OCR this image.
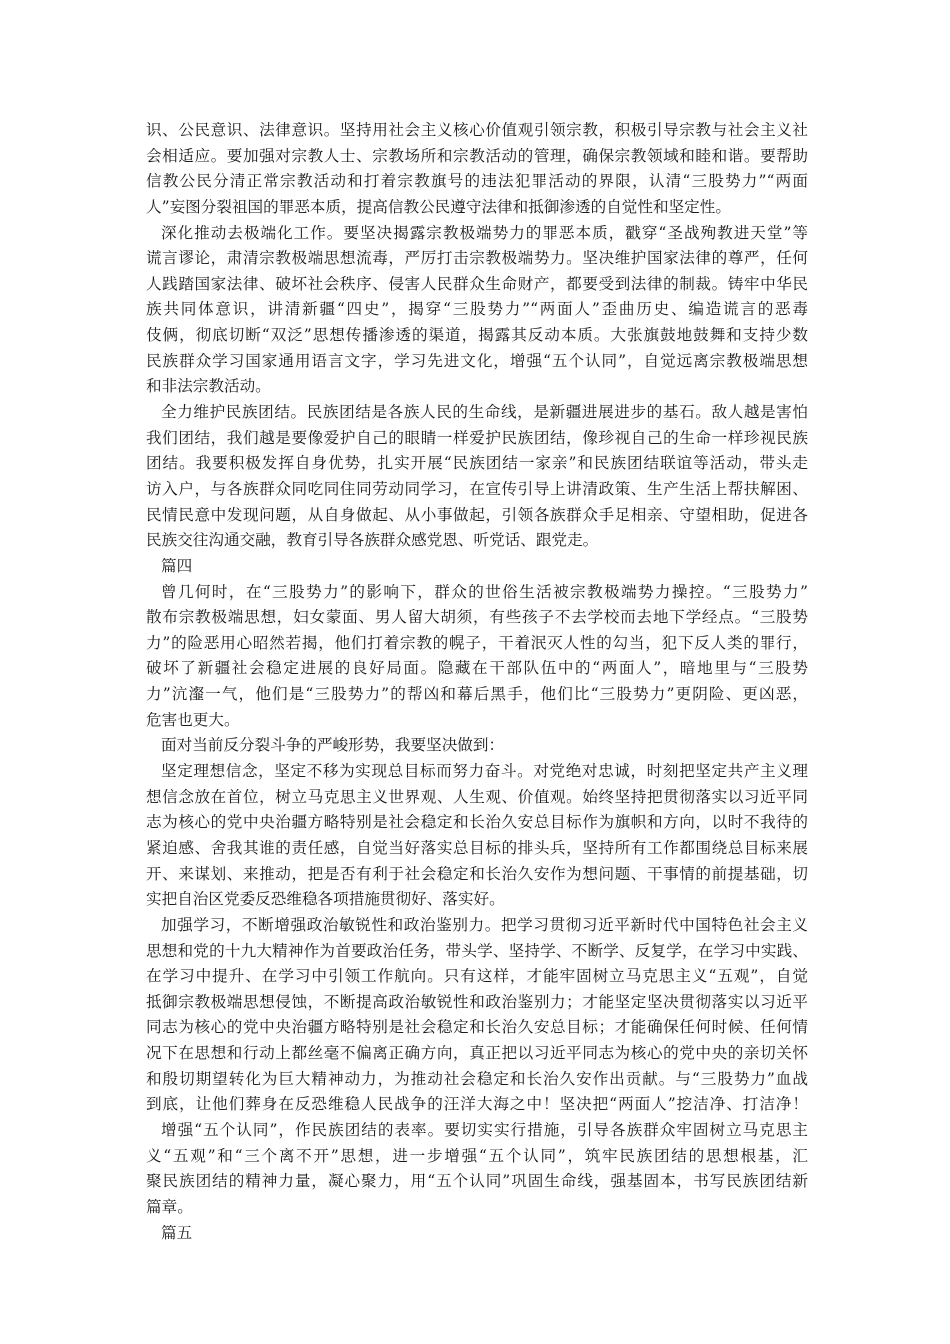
识、公民意识、法律意识。坚持用社会主义核心价值观引领宗教，积极引导宗教与社会主义社
会相适应。要加强对宗教人士、宗教场所和宗教活动的管理，确保宗教领域和睦和谐。要帮助
信教公民分清正常宗教活动和打着宗教旗号的违法犯罪活动的界限，认清“三股势力”“两面
人”妄图分裂祖国的罪恶本质，提高信教公民遵守法律和抵御渗透的自觉性和坚定性。
深化推动去极端化工作。要坚决揭露宗教极端势力的罪恶本质，戳穿“圣战殉教进天堂”等
谎言谬论，肃清宗教极端思想流毒，严厉打击宗教极端势力。坚决维护国家法律的尊严，任何
人践踏国家法律、破坏社会秩序、侵害人民群众生命财产，都要受到法律的制裁。铸牢中华民
族共同体意识，讲清新疆“四史”，揭穿“三股势力”“两面人”歪曲历史、编造谎言的恶毒
伎俩，彻底切断“双泛”思想传播渗透的渠道，揭露其反动本质。大张旗鼓地鼓舞和支持少数
民族群众学习国家通用语言文字，学习先进文化，增强“五个认同”，自觉远离宗教极端思想
和非法宗教活动。
全力维护民族团结。民族团结是各族人民的生命线，是新疆进展进步的基石。敌人越是害怕
我们团结，我们越是要像爱护自己的眼睛一样爱护民族团结，像珍视自己的生命一样珍视民族
团结。我要积极发挥自身优势，扎实开展“民族团结一家亲”和民族团结联谊等活动，带头走
访入户，与各族群众同吃同住同劳动同学习，在宣传引导上讲清政策、生产生活上帮扶解困、
民情民意中发现问题，从自身做起、从小事做起，引领各族群众手足相亲、守望相助，促进各
民族交往沟通交融，教育引导各族群众感党恩、听党话、跟党走。
篇四
曾几何时，在“三股势力”的影响下，群众的世俗生活被宗教极端势力操控。“三股势力”
散布宗教极端思想，妇女蒙面、男人留大胡须，有些孩子不去学校而去地下学经点。“三股势
力”的险恶用心昭然若揭，他们打着宗教的幌子，干着泯灭人性的勾当，犯下反人类的罪行，
破坏了新疆社会稳定进展的良好局面。隐藏在干部队伍中的“两面人”，暗地里与“三股势
力”沆瀣一气，他们是“三股势力”的帮凶和幕后黑手，他们比“三股势力”更阴险、更凶恶，
危害也更大。
面对当前反分裂斗争的严峻形势，我要坚决做到：
坚定理想信念，坚定不移为实现总目标而努力奋斗。对党绝对忠诚，时刻把坚定共产主义理
想信念放在首位，树立马克思主义世界观、人生观、价值观。始终坚持把贯彻落实以习近平同
志为核心的党中央治疆方略特别是社会稳定和长治久安总目标作为旗帜和方向，以时不我待的
紧迫感、舍我其谁的责任感，自觉当好落实总目标的排头兵，坚持所有工作都围绕总目标来展
开、来谋划、来推动，把是否有利于社会稳定和长治久安作为想问题、干事情的前提基础，切
实把自治区党委反恐维稳各项措施贯彻好、落实好。
加强学习，不断增强政治敏锐性和政治鉴别力。把学习贯彻习近平新时代中国特色社会主义
思想和党的十九大精神作为首要政治任务，带头学、坚持学、不断学、反复学，在学习中实践、
在学习中提升、在学习中引领工作航向。只有这样，才能牢固树立马克思主义“五观”，自觉
抵御宗教极端思想侵蚀，不断提高政治敏锐性和政治鉴别力；才能坚定坚决贯彻落实以习近平
同志为核心的党中央治疆方略特别是社会稳定和长治久安总目标；才能确保任何时候、任何情
况下在思想和行动上都丝毫不偏离正确方向，真正把以习近平同志为核心的党中央的亲切关怀
和殷切期望转化为巨大精神动力，为推动社会稳定和长治久安作出贡献。与“三股势力”血战
到底，让他们葬身在反恐维稳人民战争的汪洋大海之中！坚决把“两面人”挖洁净、打洁净！
增强“五个认同”，作民族团结的表率。要切实实行措施，引导各族群众牢固树立马克思主
义“五观”和“三个离不开”思想，进一步增强“五个认同”，筑牢民族团结的思想根基，汇
聚民族团结的精神力量，凝心聚力，用“五个认同”巩固生命线，强基固本，书写民族团结新
篇章。
篇五
